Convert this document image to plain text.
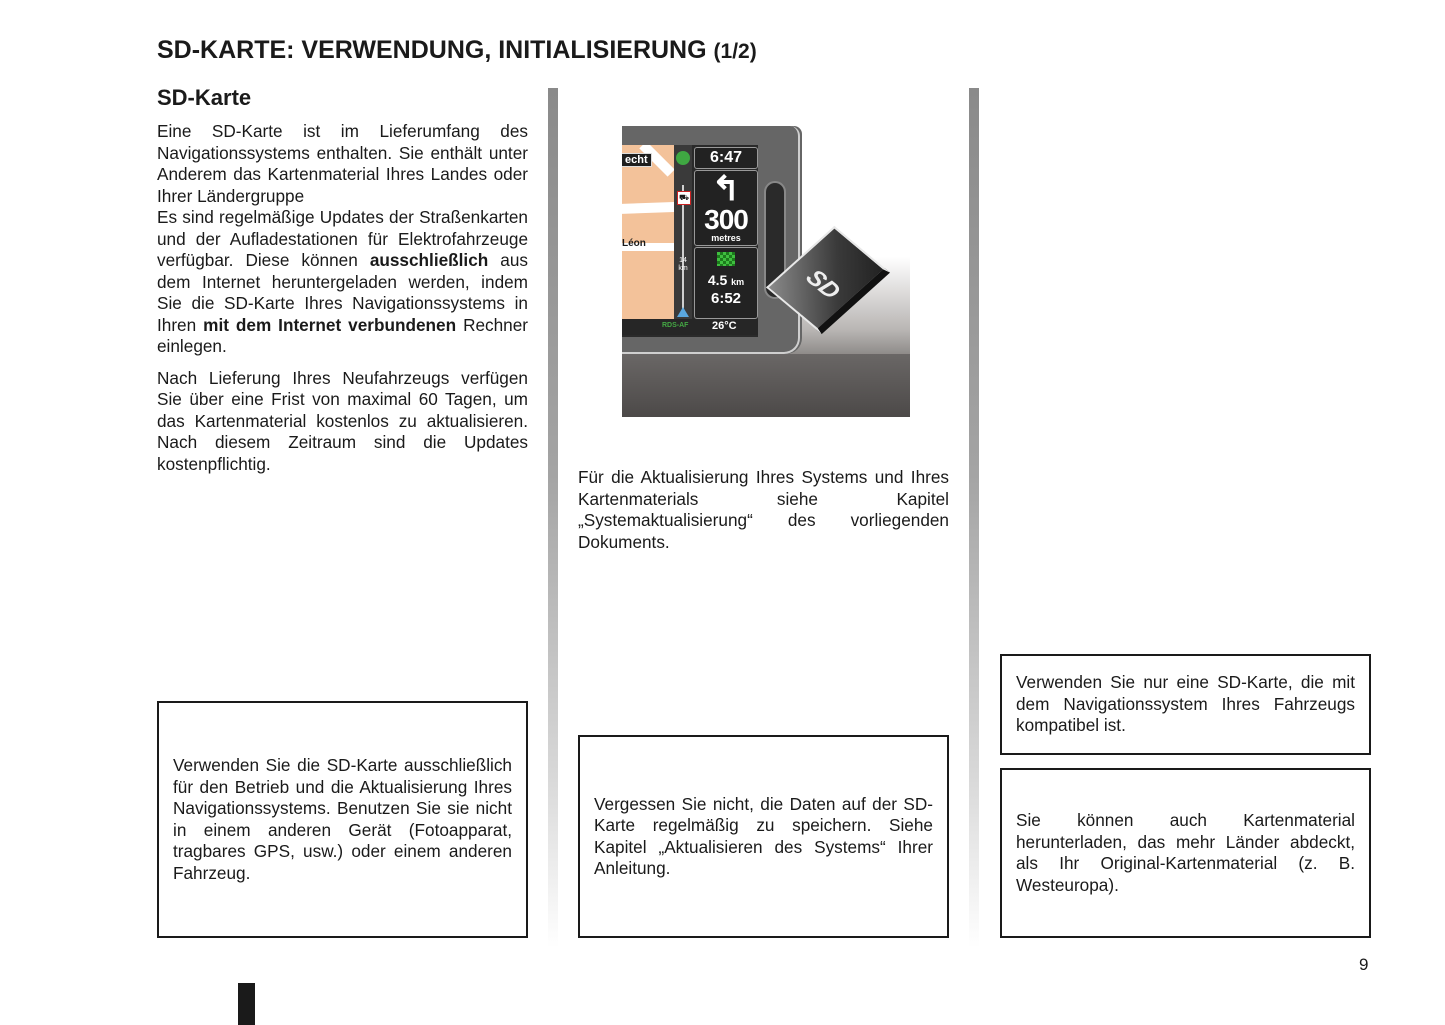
SD-KARTE: VERWENDUNG, INITIALISIERUNG (1/2)
SD-Karte

Eine SD-Karte ist im Lieferumfang des Navigationssystems enthalten. Sie enthält unter Anderem das Kartenmaterial Ihres Landes oder Ihrer Ländergruppe
Es sind regelmäßige Updates der Straßenkarten und der Aufladestationen für Elektrofahrzeuge verfügbar. Diese können ausschließlich aus dem Internet heruntergeladen werden, indem Sie die SD-Karte Ihres Navigationssystems in Ihren mit dem Internet verbundenen Rechner einlegen.

Nach Lieferung Ihres Neufahrzeugs verfügen Sie über eine Frist von maximal 60 Tagen, um das Kartenmaterial kostenlos zu aktualisieren. Nach diesem Zeitraum sind die Updates kostenpflichtig.

Verwenden Sie die SD-Karte ausschließlich für den Betrieb und die Aktualisierung Ihres Navigationssystems. Benutzen Sie sie nicht in einem anderen Gerät (Fotoapparat, tragbares GPS, usw.) oder einem anderen Fahrzeug.
echt
Léon
⛟
14
km
6:47
↰
300
metres
4.5 km
6:52
RDS-AF 26°C
SD

Für die Aktualisierung Ihres Systems und Ihres Kartenmaterials siehe Kapitel „Systemaktualisierung“ des vorliegenden Dokuments.

Vergessen Sie nicht, die Daten auf der SD-Karte regelmäßig zu speichern. Siehe Kapitel „Aktualisieren des Systems“ Ihrer Anleitung.
Verwenden Sie nur eine SD-Karte, die mit dem Navigationssystem Ihres Fahrzeugs kompatibel ist.
Sie können auch Kartenmaterial herunterladen, das mehr Länder abdeckt, als Ihr Original-Kartenmaterial (z. B. Westeuropa).
9
